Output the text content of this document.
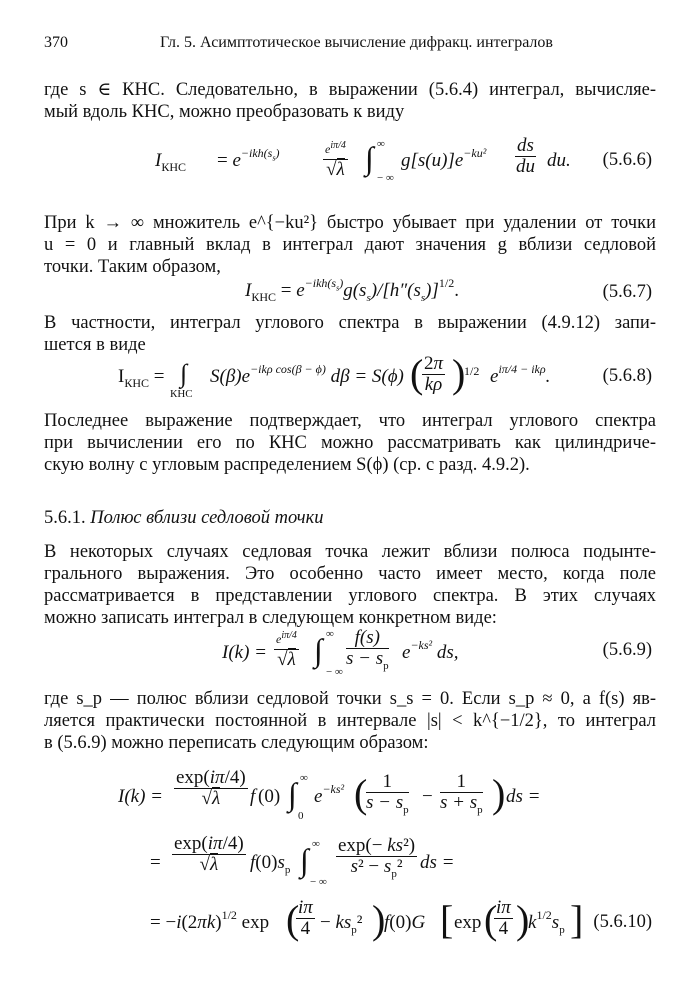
370	Гл. 5. Асимптотическое вычисление дифракц. интегралов
где s ∈ КНС. Следовательно, в выражении (5.6.4) интеграл, вычисляе-
мый вдоль КНС, можно преобразовать к виду
$I_{КНС} = e^{-ikh(s_s)}$	$e^{i\pi/4}$
√λ ∫ ∞
− ∞
$g[s(u)]e^{-ku^2} \frac{ds}{du}$ du. (5.6.6)
При k → ∞ множитель e^{−ku²} быстро убывает при удалении от точки
u = 0 и главный вклад в интеграл дают значения g вблизи седловой
точки. Таким образом,
$I_{КНС} = e^{-ikh(s_s)}g(s_s)/[h''(s_s)]^{1/2}$.	(5.6.7)
В частности, интеграл углового спектра в выражении (4.9.12) запи-
шется в виде
$I_{КНС}$ = ∫
КНС
$S(\beta)e^{-ik\rho cos(\beta - \phi)}$ dβ = S(ϕ) (
$\frac{2\pi}{k\rho}$ )
1/2 $e^{i\pi/4 - ik\rho}$.	(5.6.8)
Последнее выражение подтверждает, что интеграл углового спектра
при вычислении его по КНС можно рассматривать как цилиндриче-
скую волну с угловым распределением S(ϕ) (ср. с разд. 4.9.2).
5.6.1. Полюс вблизи седловой точки
В некоторых случаях седловая точка лежит вблизи полюса подынте-
грального выражения. Это особенно часто имеет место, когда поле
рассматривается в представлении углового спектра. В этих случаях
можно записать интеграл в следующем конкретном виде:
I(k) =
$e^{i\pi/4}$
√λ ∫ ∞
− ∞ $\frac{f(s)}{s - s_p} e^{-ks^2}$ ds,	(5.6.9)
где s_p — полюс вблизи седловой точки s_s = 0. Если s_p ≈ 0, а f(s) яв-
ляется практически постоянной в интервале |s| < k^{−1/2}, то интеграл
в (5.6.9) можно переписать следующим образом:
$I(k) = \frac{\exp(i\pi/4)}{√\lambda}$ f (0) ∫ ∞
0
$e^{-ks^2}$ (
$\frac{1}{s - s_p} - \frac{1}{s + s_p}$ ) ds =
= $\frac{\exp(i\pi/4)}{√\lambda} f(0)s_p$ ∫ ∞
− ∞ $\frac{\text{exp(− ks²)}}{s^2 - s_p^2}$ ds =
= $-i(2\pi k)^{1/2}$ exp (
$\frac{i\pi}{4} - ks_p^2$ )
f(0)G [ exp (
$\frac{i\pi}{4}$ )
$k^{1/2}s_p$ ] (5.6.10)
